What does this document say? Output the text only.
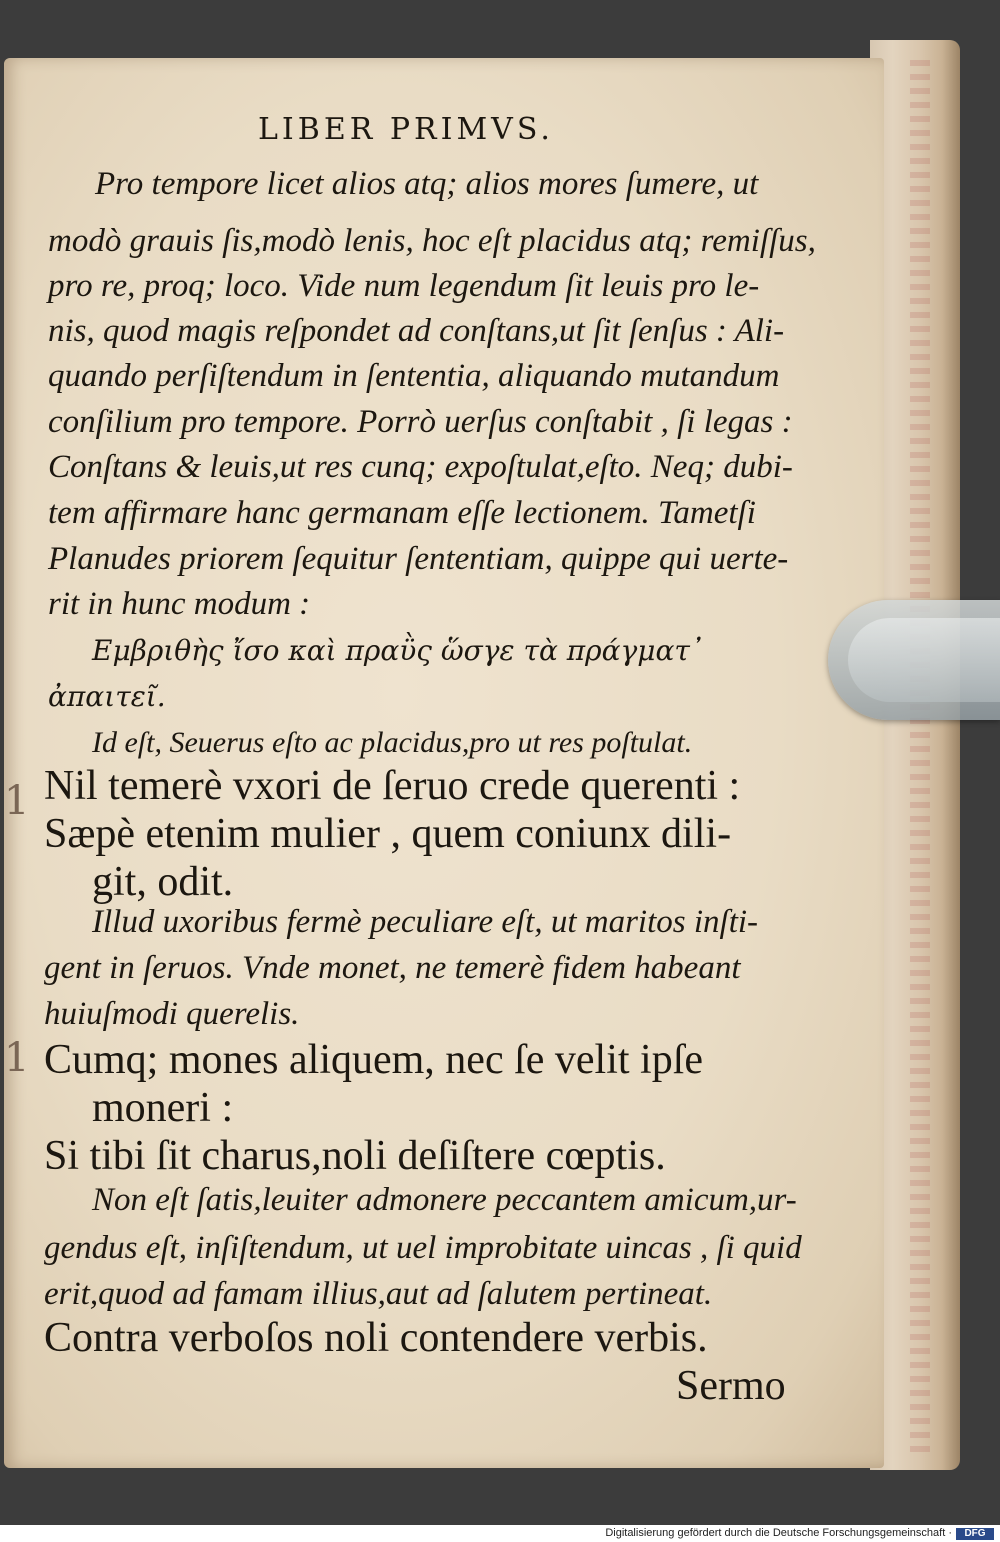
LIBER PRIMVS.
Pro tempore licet alios atq; alios mores ſumere, ut
modò grauis ſis,modò lenis, hoc eſt placidus atq; remiſſus,
pro re, proq; loco. Vide num legendum ſit leuis pro le-
nis, quod magis reſpondet ad conſtans,ut ſit ſenſus : Ali-
quando perſiſtendum in ſententia, aliquando mutandum
conſilium pro tempore. Porrò uerſus conſtabit , ſi legas :
Conſtans & leuis,ut res cunq; expoſtulat,eſto. Neq; dubi-
tem affirmare hanc germanam eſſe lectionem. Tametſi
Planudes priorem ſequitur ſententiam, quippe qui uerte-
rit in hunc modum :
Εμβριθὴς ἴσο καὶ πραῢς ὥσγε τὰ πράγματ᾽
ἀπαιτεῖ.
Id eſt, Seuerus eſto ac placidus,pro ut res poſtulat.
1 Nil temerè vxori de ſeruo crede querenti :
Sæpè etenim mulier , quem coniunx dili-
git, odit.
Illud uxoribus fermè peculiare eſt, ut maritos inſti-
gent in ſeruos. Vnde monet, ne temerè fidem habeant
huiuſmodi querelis.
1 Cumq; mones aliquem, nec ſe velit ipſe
moneri :
Si tibi ſit charus,noli deſiſtere cœptis.
Non eſt ſatis,leuiter admonere peccantem amicum,ur-
gendus eſt, inſiſtendum, ut uel improbitate uincas , ſi quid
erit,quod ad famam illius,aut ad ſalutem pertineat.
Contra verboſos noli contendere verbis.
Sermo
Digitalisierung gefördert durch die Deutsche Forschungsgemeinschaft ·	DFG
